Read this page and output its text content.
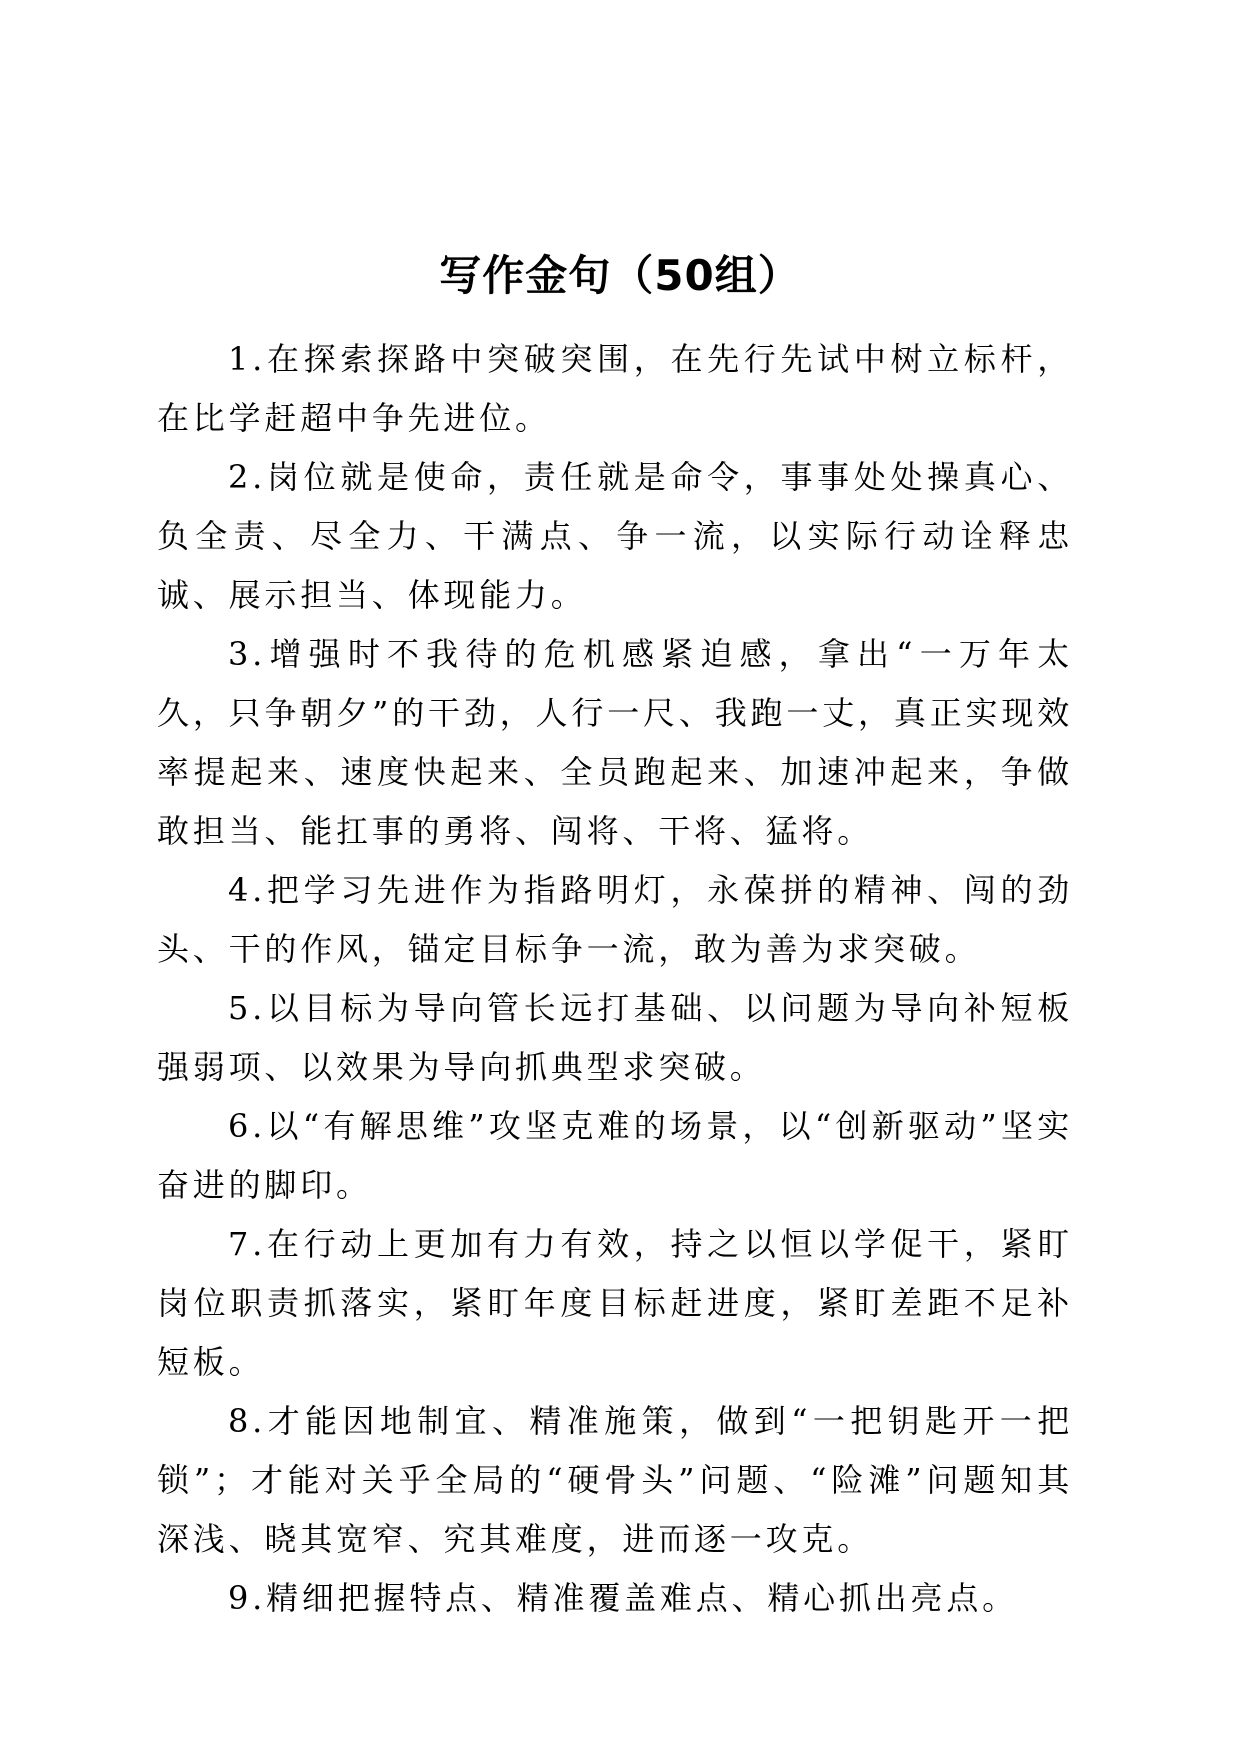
写作金句（50组）

1.在探索探路中突破突围，在先行先试中树立标杆，在比学赶超中争先进位。

2.岗位就是使命，责任就是命令，事事处处操真心、负全责、尽全力、干满点、争一流，以实际行动诠释忠诚、展示担当、体现能力。

3.增强时不我待的危机感紧迫感，拿出“一万年太久，只争朝夕”的干劲，人行一尺、我跑一丈，真正实现效率提起来、速度快起来、全员跑起来、加速冲起来，争做敢担当、能扛事的勇将、闯将、干将、猛将。

4.把学习先进作为指路明灯，永葆拼的精神、闯的劲头、干的作风，锚定目标争一流，敢为善为求突破。

5.以目标为导向管长远打基础、以问题为导向补短板强弱项、以效果为导向抓典型求突破。

6.以“有解思维”攻坚克难的场景，以“创新驱动”坚实奋进的脚印。

7.在行动上更加有力有效，持之以恒以学促干，紧盯岗位职责抓落实，紧盯年度目标赶进度，紧盯差距不足补短板。

8.才能因地制宜、精准施策，做到“一把钥匙开一把锁”；才能对关乎全局的“硬骨头”问题、“险滩”问题知其深浅、晓其宽窄、究其难度，进而逐一攻克。

9.精细把握特点、精准覆盖难点、精心抓出亮点。
